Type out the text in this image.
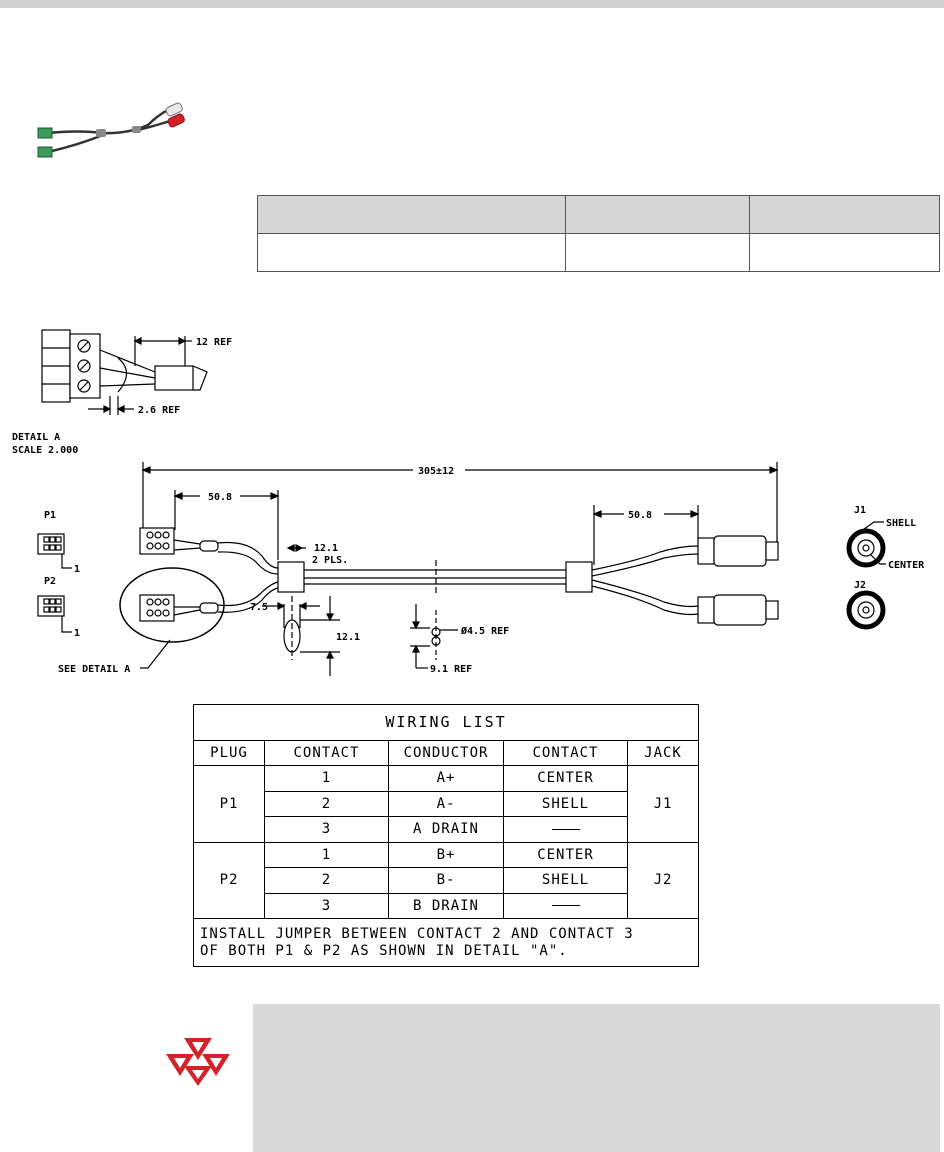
12 REF
2.6 REF
DETAIL A
SCALE 2.000
305±12
50.8
50.8
12.1
2 PLS.
7.5
12.1
Ø4.5 REF
9.1 REF
P1
1
P2
1
SEE DETAIL A
J1
SHELL
CENTER
J2
WIRING LIST				
PLUG	CONTACT	CONDUCTOR	CONTACT	JACK
P1	1	A+	CENTER	J1
	2	A-	SHELL	
	3	A DRAIN		
P2	1	B+	CENTER	J2
	2	B-	SHELL	
	3	B DRAIN		

INSTALL JUMPER BETWEEN CONTACT 2 AND CONTACT 3
OF BOTH P1 & P2 AS SHOWN IN DETAIL "A".				
